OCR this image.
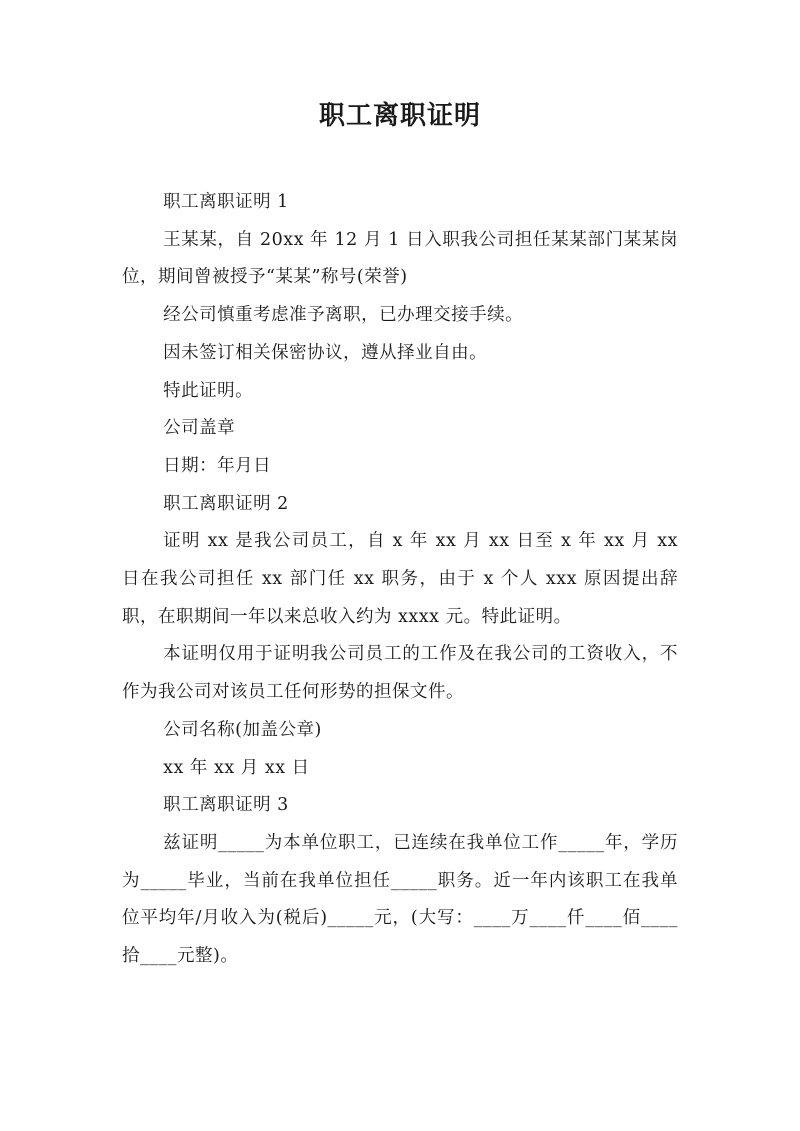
职工离职证明

职工离职证明 1

王某某，自 20xx 年 12 月 1 日入职我公司担任某某部门某某岗位，期间曾被授予“某某”称号(荣誉)

经公司慎重考虑准予离职，已办理交接手续。

因未签订相关保密协议，遵从择业自由。

特此证明。

公司盖章

日期：年月日

职工离职证明 2

证明 xx 是我公司员工，自 x 年 xx 月 xx 日至 x 年 xx 月 xx 日在我公司担任 xx 部门任 xx 职务，由于 x 个人 xxx 原因提出辞职，在职期间一年以来总收入约为 xxxx 元。特此证明。

本证明仅用于证明我公司员工的工作及在我公司的工资收入，不作为我公司对该员工任何形势的担保文件。

公司名称(加盖公章)

xx 年 xx 月 xx 日

职工离职证明 3

兹证明_____为本单位职工，已连续在我单位工作_____年，学历为_____毕业，当前在我单位担任_____职务。近一年内该职工在我单位平均年/月收入为(税后)_____元，(大写：____万____仟____佰____拾____元整)。
